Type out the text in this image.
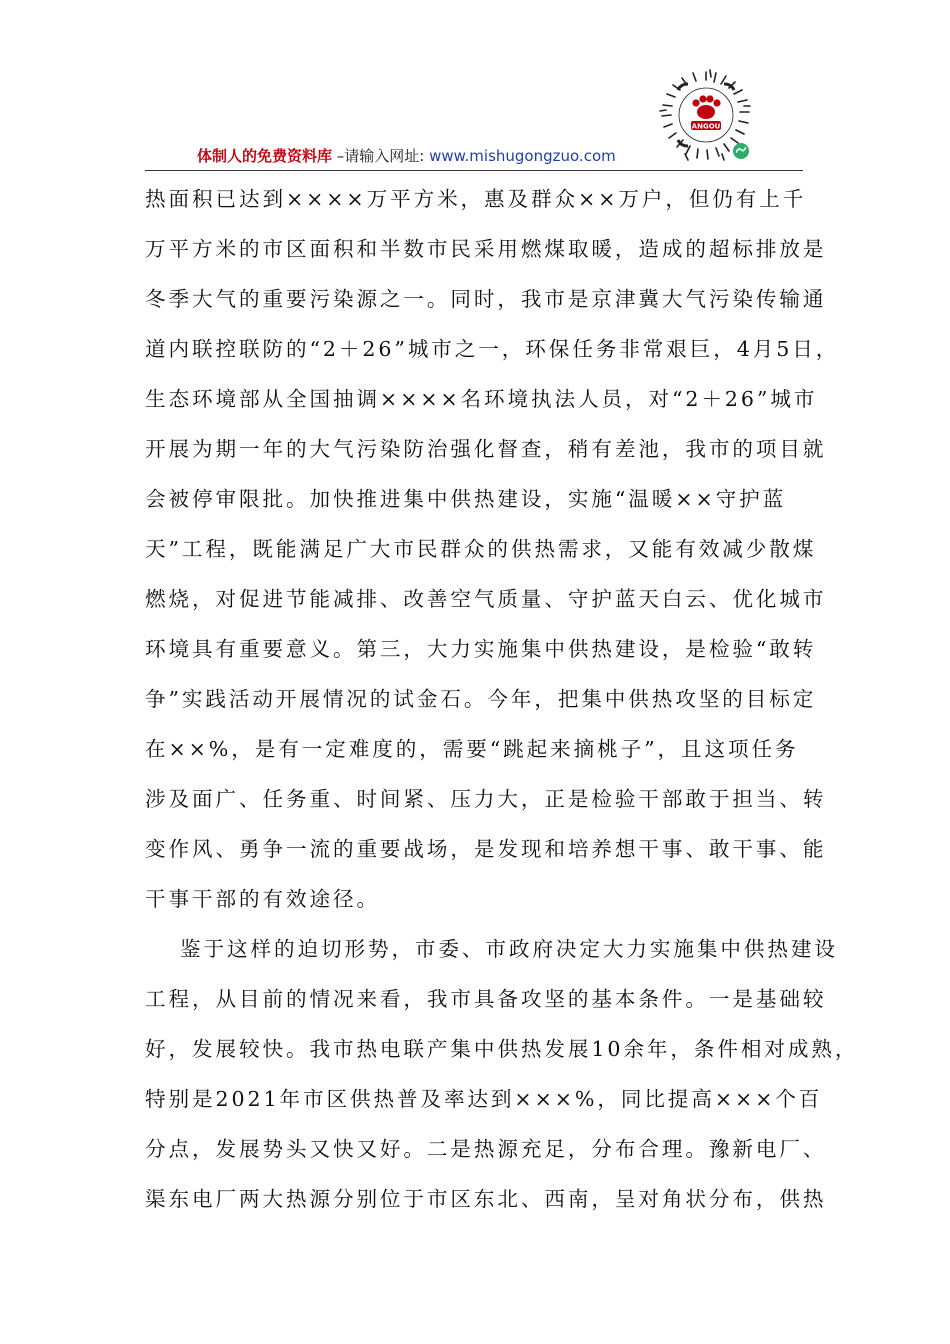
体制人的免费资料库 –请输入网址: www.mishugongzuo.com
ANGOU
热面积已达到××××万平方米，惠及群众××万户，但仍有上千
万平方米的市区面积和半数市民采用燃煤取暖，造成的超标排放是
冬季大气的重要污染源之一。同时，我市是京津冀大气污染传输通
道内联控联防的“2＋26”城市之一，环保任务非常艰巨，4月5日，
生态环境部从全国抽调××××名环境执法人员，对“2＋26”城市
开展为期一年的大气污染防治强化督查，稍有差池，我市的项目就
会被停审限批。加快推进集中供热建设，实施“温暖××守护蓝
天”工程，既能满足广大市民群众的供热需求，又能有效减少散煤
燃烧，对促进节能减排、改善空气质量、守护蓝天白云、优化城市
环境具有重要意义。第三，大力实施集中供热建设，是检验“敢转
争”实践活动开展情况的试金石。今年，把集中供热攻坚的目标定
在××%，是有一定难度的，需要“跳起来摘桃子”，且这项任务
涉及面广、任务重、时间紧、压力大，正是检验干部敢于担当、转
变作风、勇争一流的重要战场，是发现和培养想干事、敢干事、能
干事干部的有效途径。
鉴于这样的迫切形势，市委、市政府决定大力实施集中供热建设
工程，从目前的情况来看，我市具备攻坚的基本条件。一是基础较
好，发展较快。我市热电联产集中供热发展10余年，条件相对成熟，
特别是2021年市区供热普及率达到×××%，同比提高×××个百
分点，发展势头又快又好。二是热源充足，分布合理。豫新电厂、
渠东电厂两大热源分别位于市区东北、西南，呈对角状分布，供热
